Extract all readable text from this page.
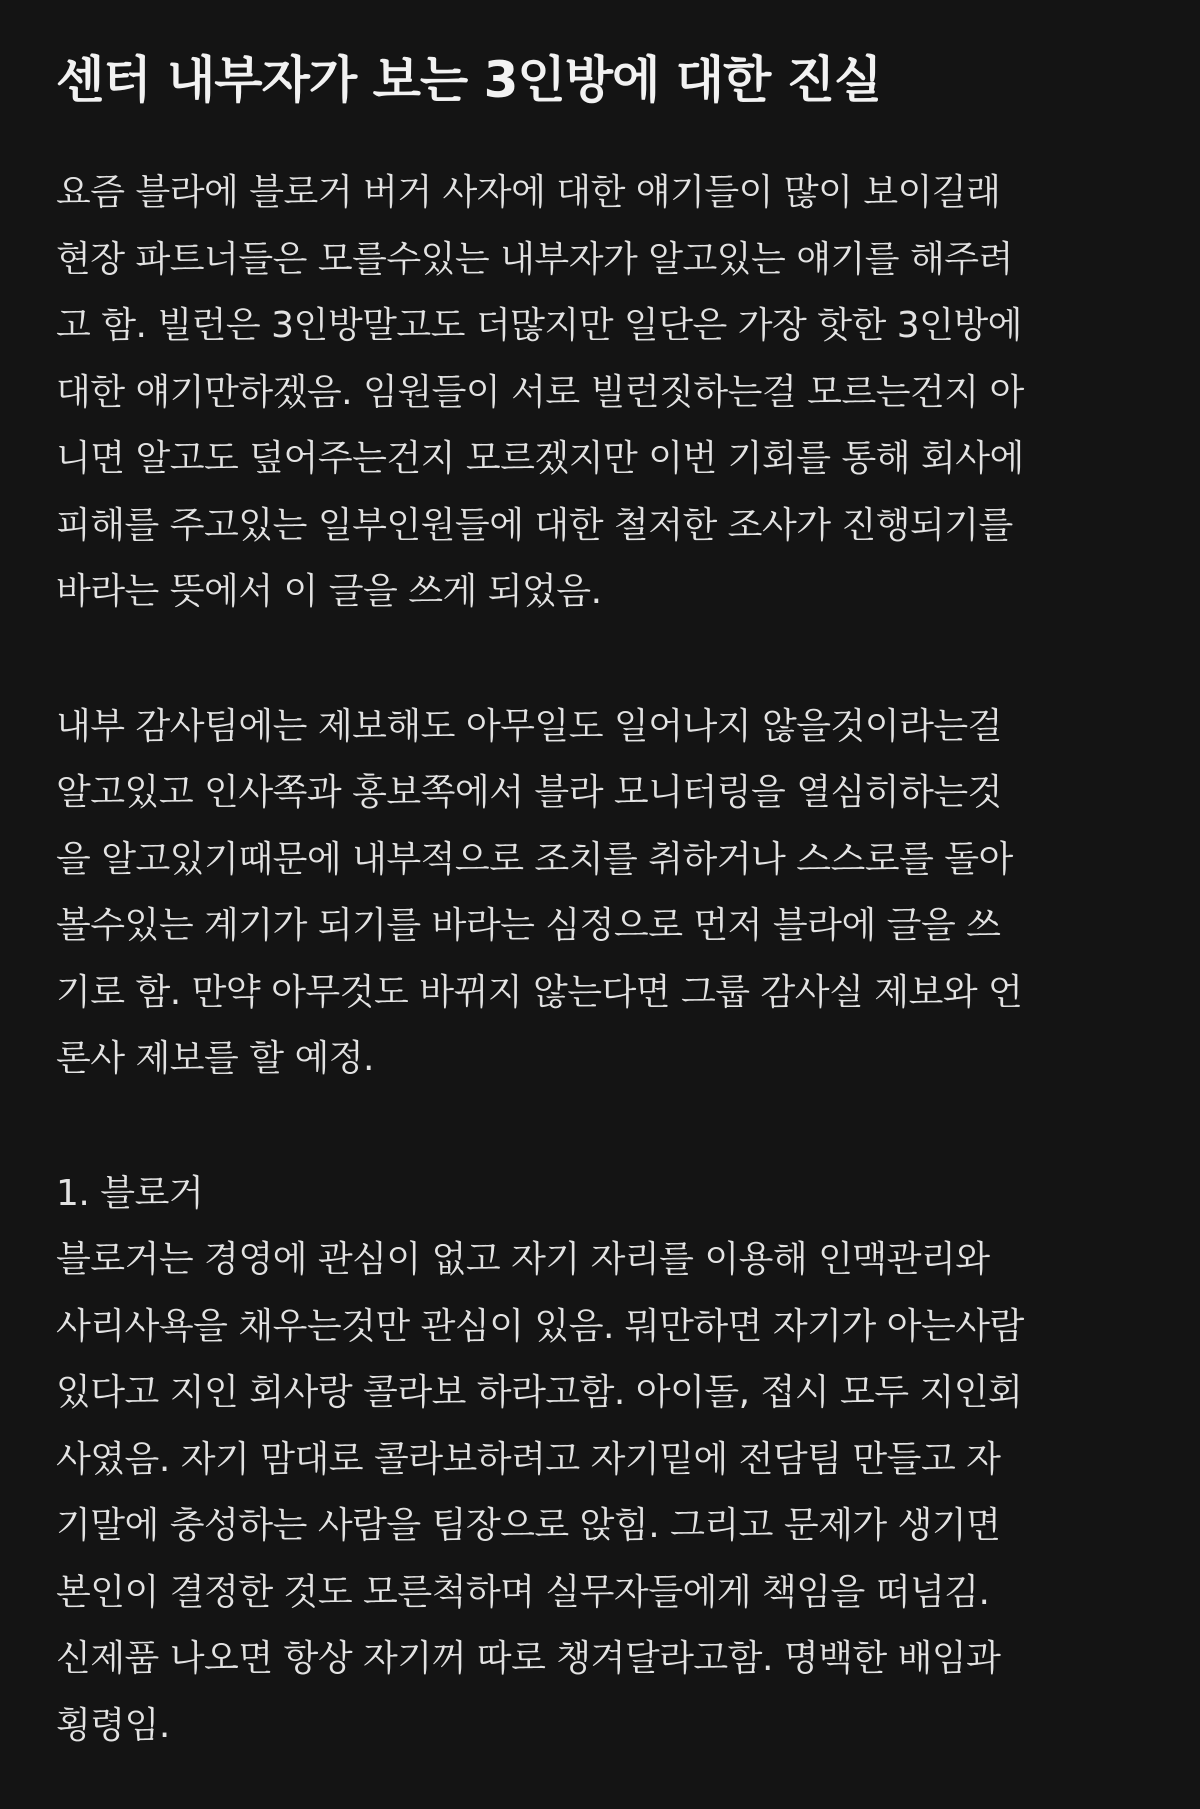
센터 내부자가 보는 3인방에 대한 진실

요즘 블라에 블로거 버거 사자에 대한 얘기들이 많이 보이길래
현장 파트너들은 모를수있는 내부자가 알고있는 얘기를 해주려
고 함. 빌런은 3인방말고도 더많지만 일단은 가장 핫한 3인방에
대한 얘기만하겠음. 임원들이 서로 빌런짓하는걸 모르는건지 아
니면 알고도 덮어주는건지 모르겠지만 이번 기회를 통해 회사에
피해를 주고있는 일부인원들에 대한 철저한 조사가 진행되기를
바라는 뜻에서 이 글을 쓰게 되었음.

내부 감사팀에는 제보해도 아무일도 일어나지 않을것이라는걸
알고있고 인사쪽과 홍보쪽에서 블라 모니터링을 열심히하는것
을 알고있기때문에 내부적으로 조치를 취하거나 스스로를 돌아
볼수있는 계기가 되기를 바라는 심정으로 먼저 블라에 글을 쓰
기로 함. 만약 아무것도 바뀌지 않는다면 그룹 감사실 제보와 언
론사 제보를 할 예정.

1. 블로거
블로거는 경영에 관심이 없고 자기 자리를 이용해 인맥관리와
사리사욕을 채우는것만 관심이 있음. 뭐만하면 자기가 아는사람
있다고 지인 회사랑 콜라보 하라고함. 아이돌, 접시 모두 지인회
사였음. 자기 맘대로 콜라보하려고 자기밑에 전담팀 만들고 자
기말에 충성하는 사람을 팀장으로 앉힘. 그리고 문제가 생기면
본인이 결정한 것도 모른척하며 실무자들에게 책임을 떠넘김.
신제품 나오면 항상 자기꺼 따로 챙겨달라고함. 명백한 배임과
횡령임.
